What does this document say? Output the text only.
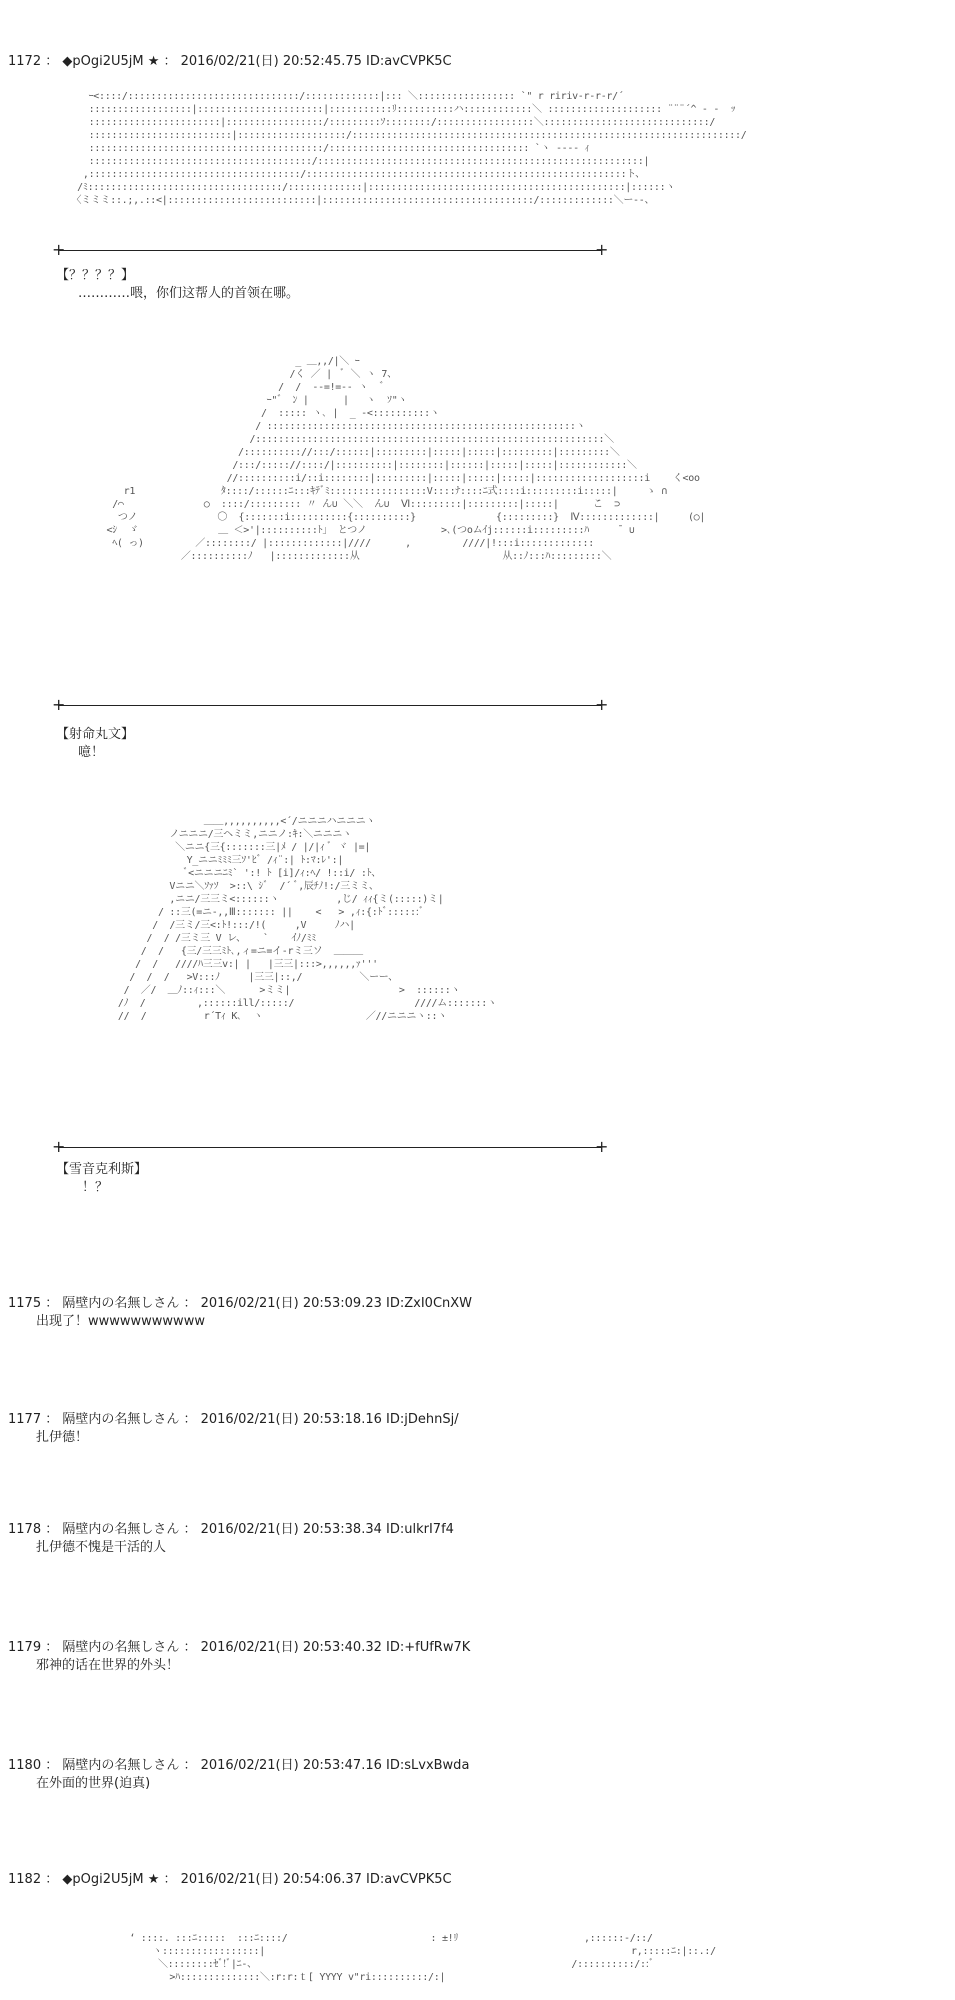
1172 ： ◆pOgi2U5jM ★ ： 2016/02/21(日) 20:52:45.75 ID:avCVPK5C
ｰ<::::/::::::::::::::::::::::::::::::/:::::::::::::|::: ＼::::::::::::::::: `" r ririv‐r‐r‐r/´
::::::::::::::::::|::::::::::::::::::::::|:::::::::::ﾘ::::::::::ハ::::::::::::＼ :::::::::::::::::::: ¨¨¨´^ ‐ ‐  ｯ
:::::::::::::::::::::::|:::::::::::::::::/:::::::::ｿ::::::::/:::::::::::::::::＼:::::::::::::::::::::::::::::/
:::::::::::::::::::::::::|:::::::::::::::::::/::::::::::::::::::::::::::::::::::::::::::::::::::::::::::::::::::::/
:::::::::::::::::::::::::::::::::::::::::/::::::::::::::::::::::::::::::::::: `ヽ ‐‐‐‐ ｨ
:::::::::::::::::::::::::::::::::::::::/:::::::::::::::::::::::::::::::::::::::::::::::::::::::::|
,:::::::::::::::::::::::::::::::::::::/::::::::::::::::::::::::::::::::::::::::::::::::::::::::ト、
/ﾐ::::::::::::::::::::::::::::::::::/:::::::::::::|:::::::::::::::::::::::::::::::::::::::::::::|::::::ヽ
〈ミミミ::.;,.::<|::::::::::::::::::::::::::|:::::::::::::::::::::::::::::::::::::/:::::::::::::＼ー‐‐、
+	+
【？？？？】
…………喂，你们这帮人的首领在哪。
_ ＿,,/|＼ ｰ
/く ／ |  ﾞ ＼ ヽ 7、
/  /  ‐‐=!=‐‐ ヽ  ゛
ｰ"゛ ﾝ |      |   ヽ  ｿ"ヽ
/  ::::: ヽ､ |  _ ‐<::::::::::ヽ
/ ::::::::::::::::::::::::::::::::::::::::::::::::::::::ヽ
/:::::::::::::::::::::::::::::::::::::::::::::::::::::::::::::＼
/:::::::::://:::/::::::|:::::::::|:::::|:::::|:::::::::|:::::::::＼
/:::/::::://::::/|::::::::::|::::::::|::::::|:::::|:::::|::::::::::::＼
//::::::::::i/::i::::::::|:::::::::|:::::|:::::|:::::|:::::::::::::::::::i    く<oo
r1               ﾀ::::/::::::ﾆ:::ｷﾃﾞﾐ:::::::::::::::::V::::ﾅ::::ﾆ式::::i:::::::::i:::::|     ゝ ∩
/⌒              ○  ::::/::::::::: 〃 ん∪ ＼＼  ん∪  Ⅵ:::::::::|:::::::::|:::::|      こ  ⊃
つノ              〇  {:::::::i::::::::::{::::::::::}              {:::::::::}  Ⅳ:::::::::::::|     (○|
<ｼ  ゞ              ＿ ＜>'|::::::::::ﾄ」 とつノ             >､(つoムｲj::::::i:::::::::ﾊ     ¯ ∪
ﾍ( っ)         ／::::::::/ |:::::::::::::|////      ,         ////|!:::i:::::::::::::
／::::::::::ﾉ   |:::::::::::::从                         从::ﾉ:::ﾊ:::::::::＼
+	+
【射命丸文】
噫！
＿＿,,,,,,,,,,<´/ニニニハニニニヽ
ノニニニ/三ヘミミ,ニニノ:ｷ:＼ニニニヽ
＼ニニ{三{:::::::三|ﾒ / |/|ｨ ﾞ ヾ |=|
Y_ニニﾐﾐﾐ三ｿ'ﾋﾞ /ｨ¨:| ﾄ:ﾏ:ﾚ':|
ﾞ<ニニニﾆﾐ` ':! ﾄ [i]/ｨ:ﾍ/ !::i/ :ﾄ、
Vニニ＼ｿｧｿ  >::\ ｼﾞ  /´ ﾞ,辰ﾁﾉ!:/三ミミ、
,ニニ/三三ミ<::::::ヽ          ,じ/ ｨｨ{ミ(:::::)ミ|
/ ::三(=ニ-,,Ⅲ::::::: ||    <   > ,ｨ:{:ﾄﾞ::::::ﾞ
/  /三ミ/三<:ﾄ!:::/!(     ,V     ﾉハ|
/  / /三ミ三 V レ、   `    ｲﾉ/ﾐﾐ
/  /   {三/三三ﾐﾄ､,ィ=ニ=イ-rミ三ソ  ＿＿＿
/  /   ////ﾊ三三v:| |   |三三|:::>,,,,,,ｧ'''
/  /  /   >V:::ﾉ     |三三|::,/          ＼ーー、
/  ／/  ＿ﾉ::ｨ:::＼      >ミミ|                   >  ::::::ヽ
/ﾉ  /         ,::::::ill/:::::/                     ////ム:::::::ヽ
//  /          r´Tｨ K､  ヽ                  ／//ニニニヽ::ヽ
+	+
【雪音克利斯】
！？
1175 ： 隔壁内の名無しさん ： 2016/02/21(日) 20:53:09.23 ID:ZxI0CnXW
出现了！wwwwwwwwwww
1177 ： 隔壁内の名無しさん ： 2016/02/21(日) 20:53:18.16 ID:jDehnSj/
扎伊德！
1178 ： 隔壁内の名無しさん ： 2016/02/21(日) 20:53:38.34 ID:ulkrI7f4
扎伊德不愧是干活的人
1179 ： 隔壁内の名無しさん ： 2016/02/21(日) 20:53:40.32 ID:+fUfRw7K
邪神的话在世界的外头！
1180 ： 隔壁内の名無しさん ： 2016/02/21(日) 20:53:47.16 ID:sLvxBwda
在外面的世界(迫真)
1182 ： ◆pOgi2U5jM ★ ： 2016/02/21(日) 20:54:06.37 ID:avCVPK5C
‘ ::::. :::ﾆ:::::  :::ﾆ::::/                         : ±!ﾘ                      ,::::::-/::/
ヽ:::::::::::::::::|                                                                r,:::::ﾆ:|::.:/
＼::::::::ｾﾞ!ﾞ|ﾆ-、                                                       /::::::::::/::ﾞ
>ﾊ::::::::::::::＼:r:r:ｔ[ YYYY v"ri::::::::::/:|
